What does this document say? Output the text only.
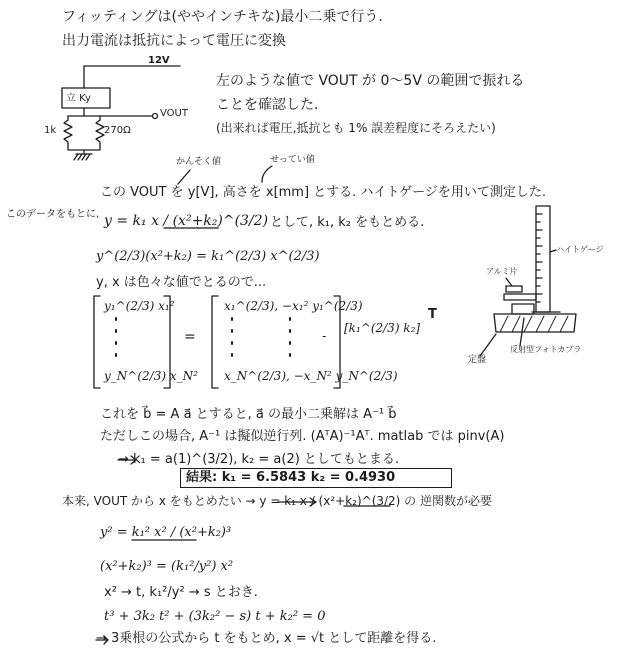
フィッティングは(ややインチキな)最小二乗で行う.
出力電流は抵抗によって電圧に変換
12V
立 Ky
VOUT
1k	270Ω
左のような値で VOUT が 0～5V の範囲で振れる
ことを確認した.
(出来れば電圧,抵抗とも 1% 誤差程度にそろえたい)
かんそく値	せってい値
この VOUT を y[V], 高さを x[mm] とする. ハイトゲージを用いて測定した.
このデータをもとに, y = k₁ x / (x²+k₂)^(3/2) として, k₁, k₂ をもとめる.
y^(2/3)(x²+k₂) = k₁^(2/3) x^(2/3)
y, x は色々な値でとるので...
y₁^(2/3) x₁²
y_N^(2/3) x_N²
=
x₁^(2/3), −x₁² y₁^(2/3)
-
x_N^(2/3), −x_N² y_N^(2/3)
[k₁^(2/3) k₂]
T
ハイトゲージ
アルミ片
定盤
反射型フォトカプラ
これを b⃗ = A a⃗ とすると, a⃗ の最小二乗解は A⁻¹ b⃗
ただしこの場合, A⁻¹ は擬似逆行列. (AᵀA)⁻¹Aᵀ. matlab では pinv(A)
→ k₁ = a(1)^(3/2), k₂ = a(2) としてもとまる.
結果: k₁ = 6.5843 k₂ = 0.4930
本来, VOUT から x をもとめたい → y = k₁ x / (x²+k₂)^(3/2) の 逆関数が必要
y² = k₁² x² / (x²+k₂)³
(x²+k₂)³ = (k₁²/y²) x²
x² → t, k₁²/y² → s とおき.
t³ + 3k₂ t² + (3k₂² − s) t + k₂² = 0
→ 3乗根の公式から t をもとめ, x = √t として距離を得る.
